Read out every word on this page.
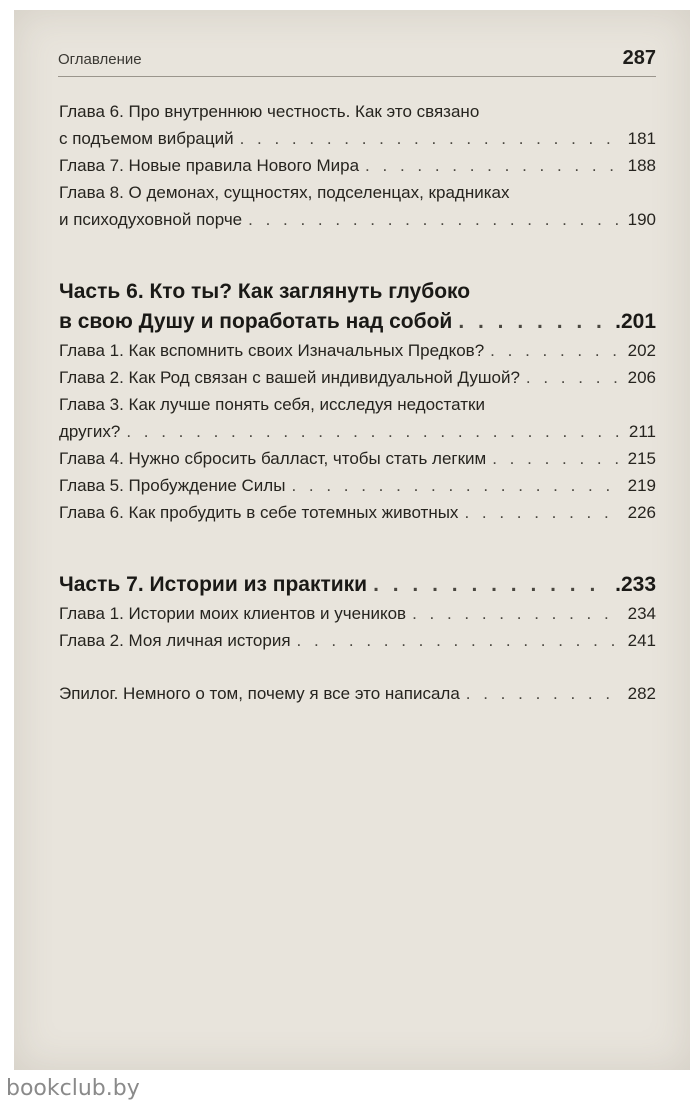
Оглавление	287
Глава 6. Про внутреннюю честность. Как это связано
с подъемом вибраций . . .	181
Глава 7. Новые правила Нового Мира . . .	188
Глава 8. О демонах, сущностях, подселенцах, крадниках
и психодуховной порче . . .	190
Часть 6. Кто ты? Как заглянуть глубоко
в свою Душу и поработать над собой . . .	.201
Глава 1. Как вспомнить своих Изначальных Предков? . . .	202
Глава 2. Как Род связан с вашей индивидуальной Душой? . . .	206
Глава 3. Как лучше понять себя, исследуя недостатки
других? . . .	211
Глава 4. Нужно сбросить балласт, чтобы стать легким . . .	215
Глава 5. Пробуждение Силы . . .	219
Глава 6. Как пробудить в себе тотемных животных . . .	226
Часть 7. Истории из практики . . .	.233
Глава 1. Истории моих клиентов и учеников . . .	234
Глава 2. Моя личная история . . .	241
Эпилог. Немного о том, почему я все это написала . . .	282
bookclub.by
